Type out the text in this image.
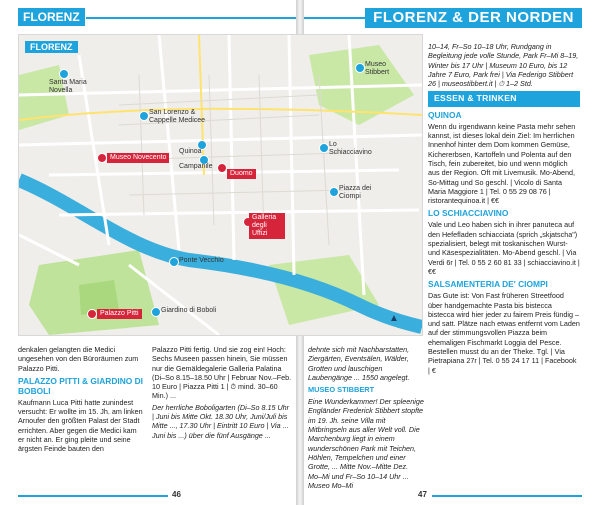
FLORENZ

denkalen gelangten die Medici ungesehen von den Büroräumen zum Palazzo Pitti.

PALAZZO PITTI & GIARDINO DI BOBOLI

Kaufmann Luca Pitti hatte zunindest versucht: Er wollte im 15. Jh. am linken Arnoufer den größten Palast der Stadt errichten. Aber gegen die Medici kam er nicht an. Er ging pleite und seine ärgsten Feinde bauten den

Palazzo Pitti fertig. Und sie zog ein! Hoch: Sechs Museen passen hinein, Sie müssen nur die Gemäldegalerie Galleria Palatina (Di–So 8.15–18.50 Uhr | Februar Nov.–Feb. 10 Euro | Piazza Pitti 1 | ⏱ mind. 30–60 Min.) ...

Der herrliche Boboligarten (Di–So 8.15 Uhr | Juni bis Mitte Okt. 18.30 Uhr, Juni/Juli bis Mitte ..., 17.30 Uhr | Eintritt 10 Euro | Via ... Juni bis ...) über die fünf Ausgänge ...

46
FLORENZ & DER NORDEN

dehnte sich mit Nachbarstatten, Ziergärten, Eventsälen, Wälder, Grotten und lauschigen Laubengänge ... 1550 angelegt.

MUSEO STIBBERT

Eine Wunderkammer! Der spleenige Engländer Frederick Stibbert stopfte im 19. Jh. seine Villa mit Mitbringseln aus aller Welt voll. Die Marchenburg liegt in einem wunderschönen Park mit Teichen, Höhlen, Tempelchen und einer Grotte, ... Mitte Nov.–Mitte Dez. Mo–Mi und Fr–So 10–14 Uhr ... Museo Mo–Mi

10–14, Fr–So 10–18 Uhr, Rundgang in Begleitung jede volle Stunde, Park Fr–Mi 8–19, Winter bis 17 Uhr | Museum 10 Euro, bis 12 Jahre 7 Euro, Park frei | Via Federigo Stibbert 26 | museostibbert.it | ⏱ 1–2 Std.

ESSEN & TRINKEN
QUINOA

Wenn du irgendwann keine Pasta mehr sehen kannst, ist dieses lokal dein Ziel: Im herrlichen Innenhof hinter dem Dom kommen Gemüse, Kichererbsen, Kartoffeln und Polenta auf den Tisch, fein zubereitet, bio und wenn möglich aus der Region. Oft mit Livemusik. Mo-Abend, So-Mittag und So geschl. | Vicolo di Santa Maria Maggiore 1 | Tel. 0 55 29 08 76 | ristorantequinoa.it | €€

LO SCHIACCIAVINO

Vale und Leo haben sich in ihrer panuteca auf den Hefefladen schiacciata (sprich „skjatscha") spezialisiert, belegt mit toskanischen Wurst- und Käsespezialitäten. Mo-Abend geschl. | Via Verdi 6r | Tel. 0 55 2 60 81 33 | schiacciavino.it | €€

SALSAMENTERIA DE' CIOMPI

Das Gute ist: Von Fast früheren Streetfood über handgemachte Pasta bis bistecca bistecca wird hier jeder zu fairem Preis fündig – und satt. Plätze nach etwas entfernt vom Laden auf der stimmungsvollen Piazza beim ehemaligen Fischmarkt Loggia del Pesce. Bestellen musst du an der Theke. Tgl. | Via Pietrapiana 27r | Tel. 0 55 24 17 11 | Facebook | €

47
FLORENZ
Santa Maria Novella
San Lorenzo & Cappelle Medicee
Museo Novecento
Quinoa
Duomo
Campanile
Galleria degli Uffizi
Ponte Vecchio
Palazzo Pitti	Giardino di Boboli
Museo Stibbert
Piazza dei Ciompi
Lo Schiacciavino
▲
